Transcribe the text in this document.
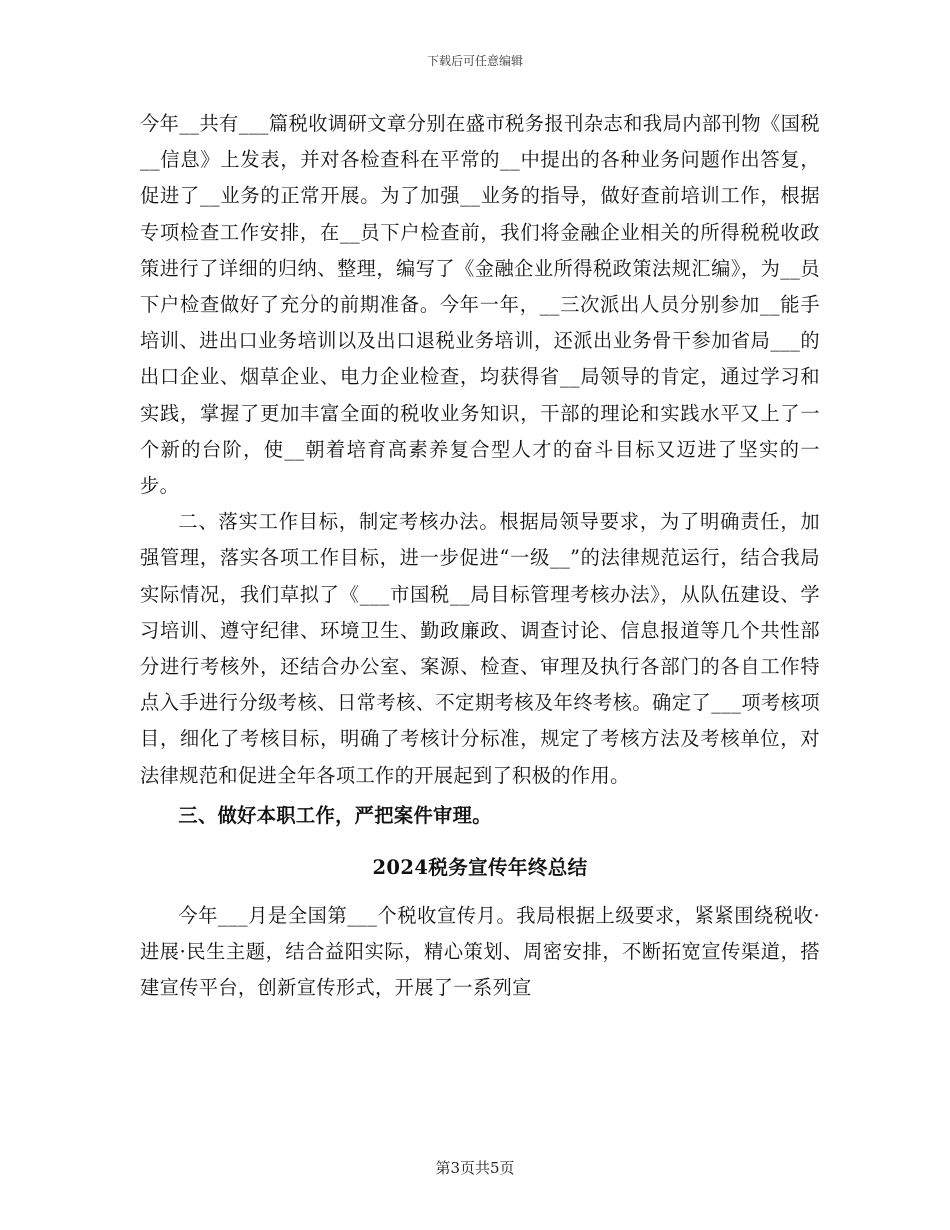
下载后可任意编辑

今年__共有___篇税收调研文章分别在盛市税务报刊杂志和我局内部刊物《国税__信息》上发表，并对各检查科在平常的__中提出的各种业务问题作出答复，促进了__业务的正常开展。为了加强__业务的指导，做好查前培训工作，根据专项检查工作安排，在__员下户检查前，我们将金融企业相关的所得税税收政策进行了详细的归纳、整理，编写了《金融企业所得税政策法规汇编》，为__员下户检查做好了充分的前期准备。今年一年，__三次派出人员分别参加__能手培训、进出口业务培训以及出口退税业务培训，还派出业务骨干参加省局___的出口企业、烟草企业、电力企业检查，均获得省__局领导的肯定，通过学习和实践，掌握了更加丰富全面的税收业务知识，干部的理论和实践水平又上了一个新的台阶，使__朝着培育高素养复合型人才的奋斗目标又迈进了坚实的一步。

二、落实工作目标，制定考核办法。根据局领导要求，为了明确责任，加强管理，落实各项工作目标，进一步促进“一级__”的法律规范运行，结合我局实际情况，我们草拟了《___市国税__局目标管理考核办法》，从队伍建设、学习培训、遵守纪律、环境卫生、勤政廉政、调查讨论、信息报道等几个共性部分进行考核外，还结合办公室、案源、检查、审理及执行各部门的各自工作特点入手进行分级考核、日常考核、不定期考核及年终考核。确定了___项考核项目，细化了考核目标，明确了考核计分标准，规定了考核方法及考核单位，对法律规范和促进全年各项工作的开展起到了积极的作用。

三、做好本职工作，严把案件审理。

2024税务宣传年终总结

今年___月是全国第___个税收宣传月。我局根据上级要求，紧紧围绕税收·进展·民生主题，结合益阳实际，精心策划、周密安排，不断拓宽宣传渠道，搭建宣传平台，创新宣传形式，开展了一系列宣

第3页共5页
